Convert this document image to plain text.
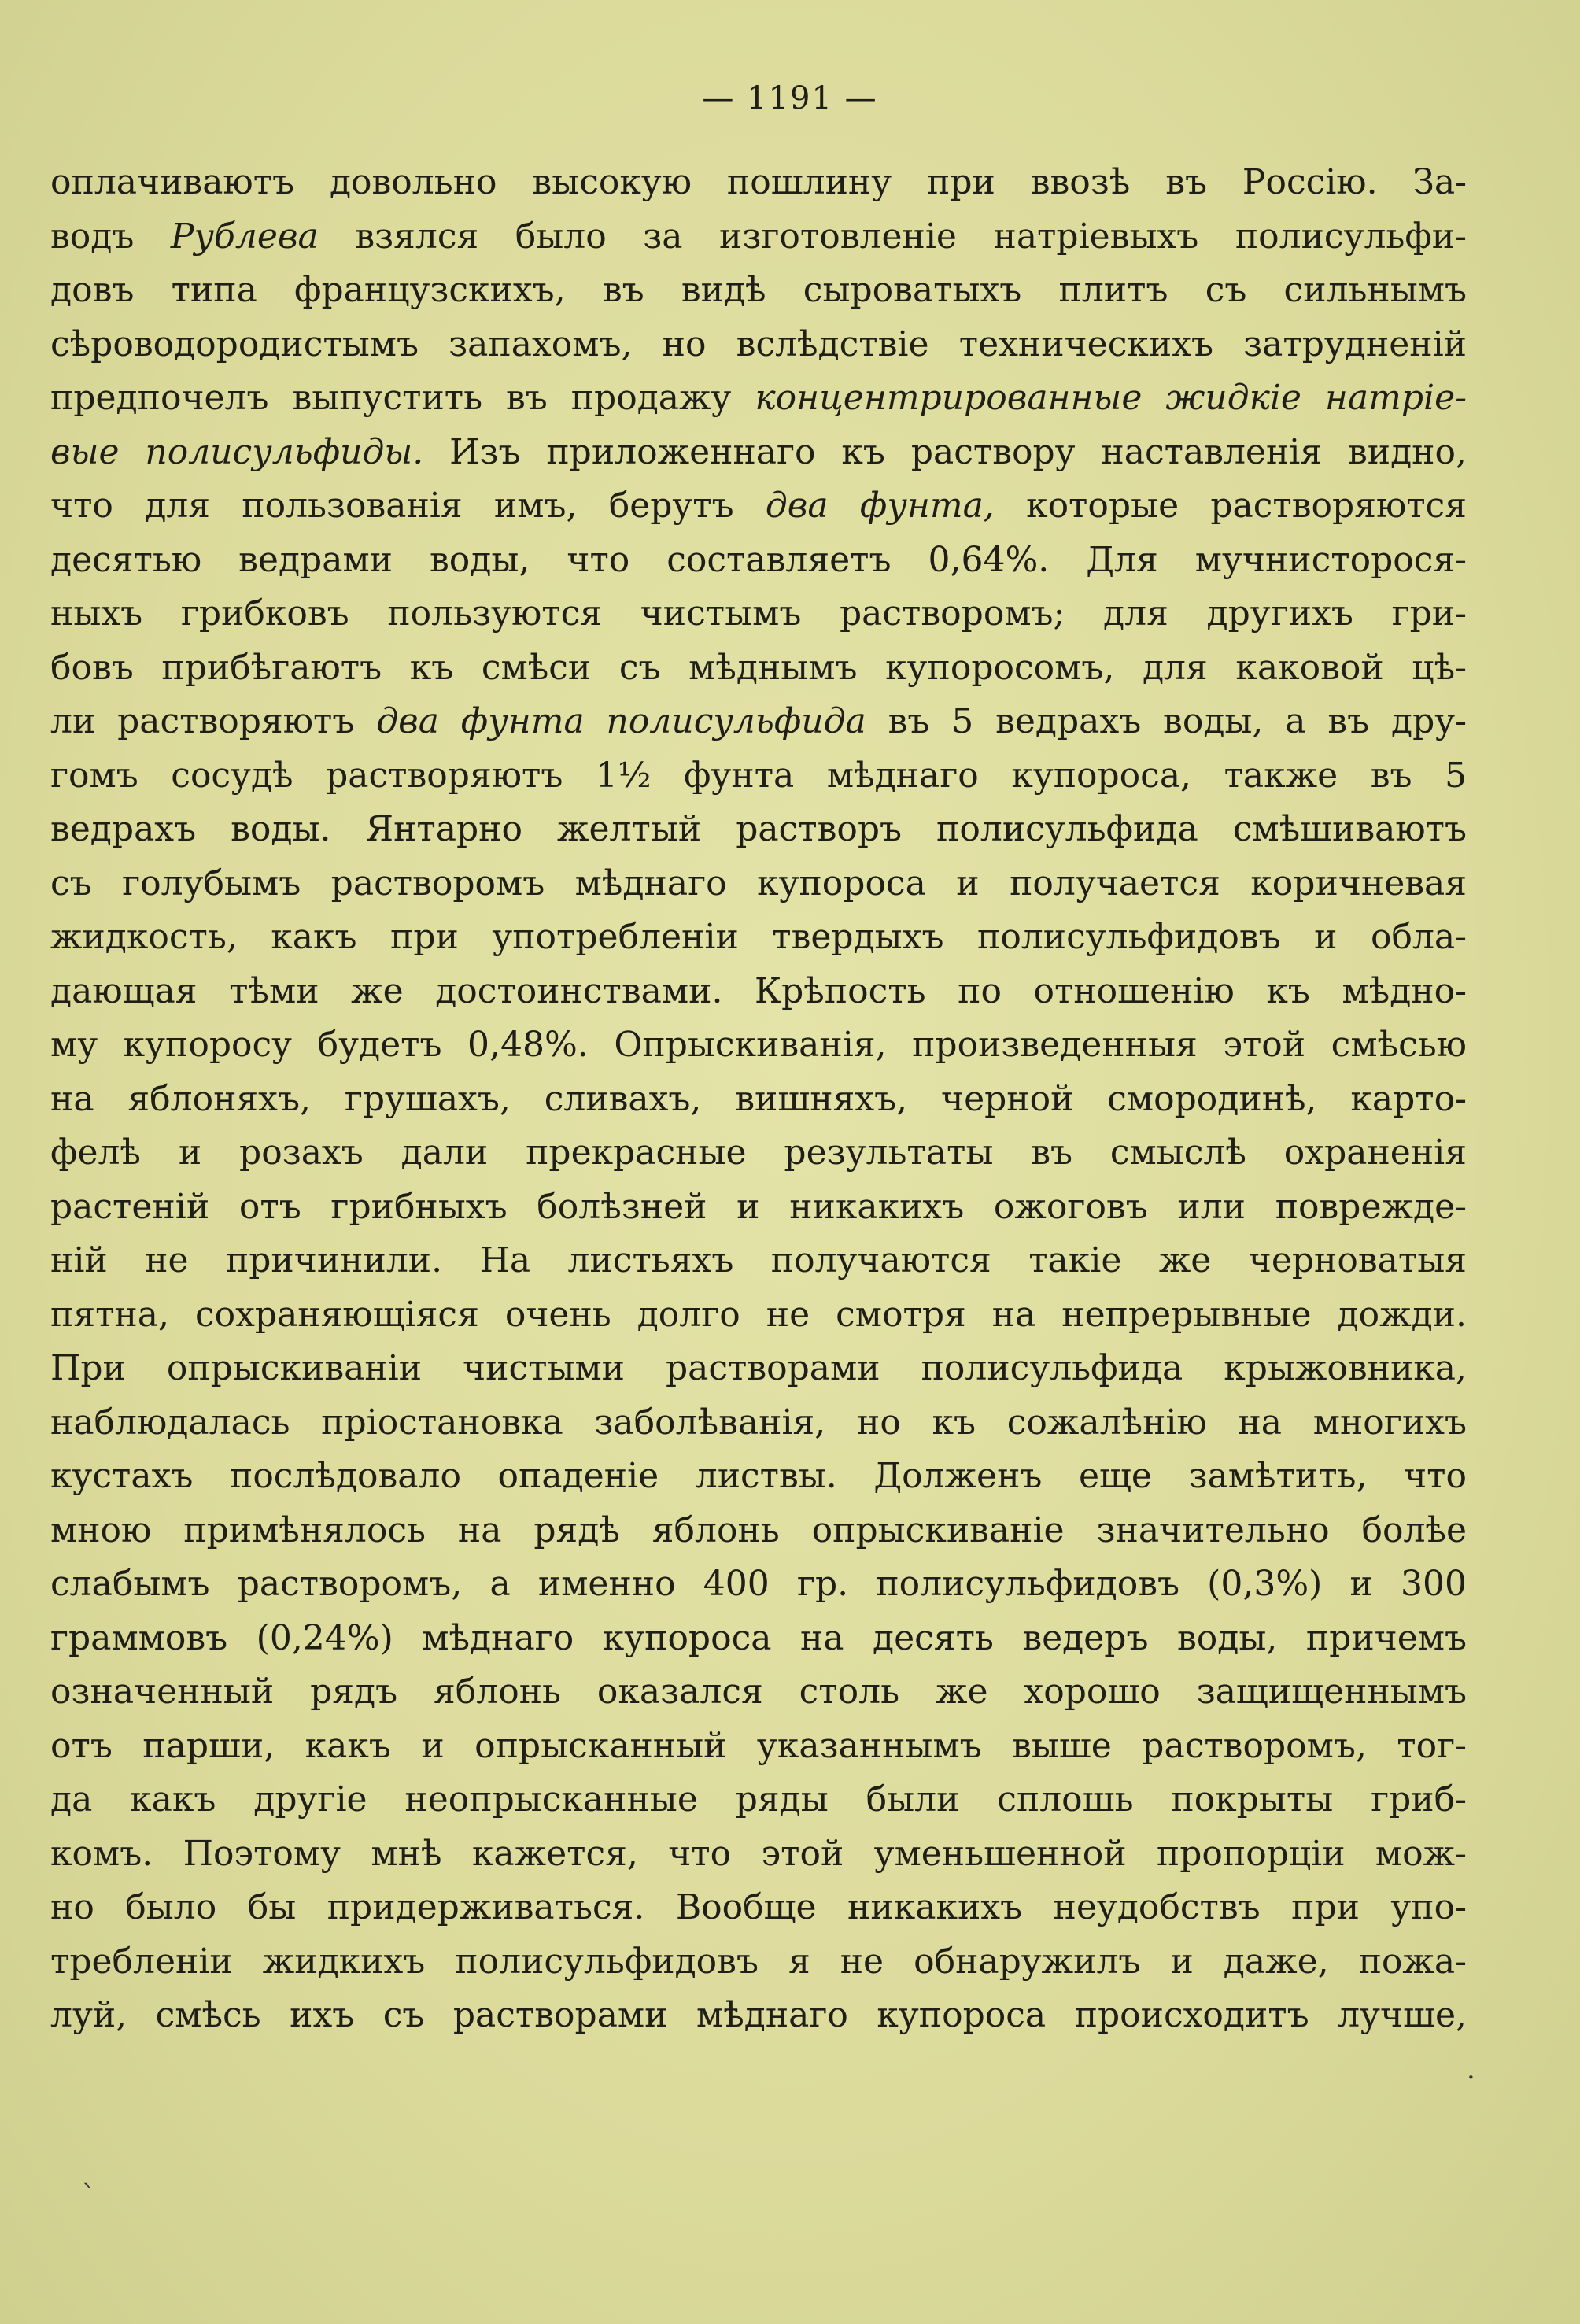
— 1191 —
оплачиваютъ довольно высокую пошлину при ввозѣ въ Россію. За-
водъ Рублева взялся было за изготовленіе натріевыхъ полисульфи-
довъ типа французскихъ, въ видѣ сыроватыхъ плитъ съ сильнымъ
сѣроводородистымъ запахомъ, но вслѣдствіе техническихъ затрудненій
предпочелъ выпустить въ продажу концентрированные жидкіе натріе-
вые полисульфиды. Изъ приложеннаго къ раствору наставленія видно,
что для пользованія имъ, берутъ два фунта, которые растворяются
десятью ведрами воды, что составляетъ 0,64%. Для мучнисторося-
ныхъ грибковъ пользуются чистымъ растворомъ; для другихъ гри-
бовъ прибѣгаютъ къ смѣси съ мѣднымъ купоросомъ, для каковой цѣ-
ли растворяютъ два фунта полисульфида въ 5 ведрахъ воды, а въ дру-
гомъ сосудѣ растворяютъ 1½ фунта мѣднаго купороса, также въ 5
ведрахъ воды. Янтарно желтый растворъ полисульфида смѣшиваютъ
съ голубымъ растворомъ мѣднаго купороса и получается коричневая
жидкость, какъ при употребленіи твердыхъ полисульфидовъ и обла-
дающая тѣми же достоинствами. Крѣпость по отношенію къ мѣдно-
му купоросу будетъ 0,48%. Опрыскиванія, произведенныя этой смѣсью
на яблоняхъ, грушахъ, сливахъ, вишняхъ, черной смородинѣ, карто-
фелѣ и розахъ дали прекрасные результаты въ смыслѣ охраненія
растеній отъ грибныхъ болѣзней и никакихъ ожоговъ или поврежде-
ній не причинили. На листьяхъ получаются такіе же черноватыя
пятна, сохраняющіяся очень долго не смотря на непрерывные дожди.
При опрыскиваніи чистыми растворами полисульфида крыжовника,
наблюдалась пріостановка заболѣванія, но къ сожалѣнію на многихъ
кустахъ послѣдовало опаденіе листвы. Долженъ еще замѣтить, что
мною примѣнялось на рядѣ яблонь опрыскиваніе значительно болѣе
слабымъ растворомъ, а именно 400 гр. полисульфидовъ (0,3%) и 300
граммовъ (0,24%) мѣднаго купороса на десять ведеръ воды, причемъ
означенный рядъ яблонь оказался столь же хорошо защищеннымъ
отъ парши, какъ и опрысканный указаннымъ выше растворомъ, тог-
да какъ другіе неопрысканные ряды были сплошь покрыты гриб-
комъ. Поэтому мнѣ кажется, что этой уменьшенной пропорціи мож-
но было бы придерживаться. Вообще никакихъ неудобствъ при упо-
требленіи жидкихъ полисульфидовъ я не обнаружилъ и даже, пожа-
луй, смѣсь ихъ съ растворами мѣднаго купороса происходитъ лучше,
·
ˋ
